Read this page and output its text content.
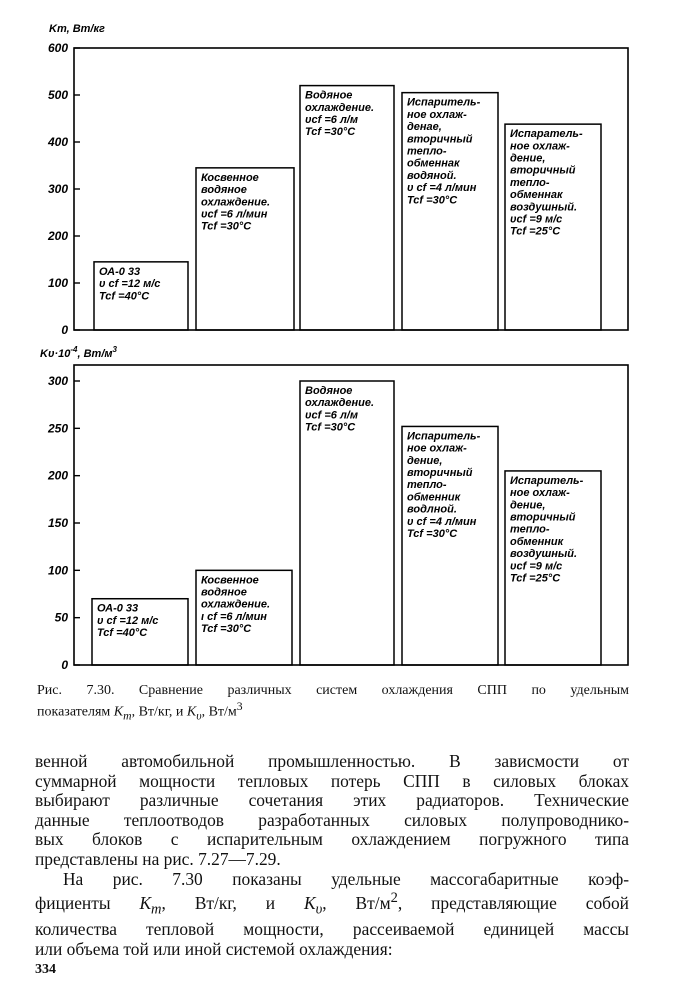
Kт, Вт/кг
600
500
400
300
200
100
0
ОА-0 33 υ cf =12 м/с Tcf =40°C
Косвенное водяное охлаждение. υcf =6 л/мин Tcf =30°C
Водяное охлаждение. υcf =6 л/м Tcf =30°C
Испаритель-ное охлаж-денае, вторичный тепло-обменнак водяной. υ cf =4 л/мин Tcf =30°C
Испаратель-ное охлаж-дение, вторичный тепло-обменнак воздушный. υcf =9 м/с Tcf =25°C
$K\upsilon\cdot 10^{-4}$, $Вт/м^3$
300
250
200
150
100
50
0
ОА-0 33 υ cf =12 м/с Tcf =40°C
Косвенное водяное охлаждение. ι cf =6 л/мин Tcf =30°C
Водяное охлаждение. υcf =6 л/м Tcf =30°C
Испаритель-ное охлаж-дение, вторичный тепло-обменник водлной. υ cf =4 л/мин Tcf =30°C
Испаритель-ное охлаж-дение, вторичный тепло-обменник воздушный. υcf =9 м/с Tcf =25°C
Рис. 7.30. Сравнение различных систем охлаждения СПП по удельным
показателям $K_m$, Вт/кг, и $K_\upsilon$, $Вт/м^3$
венной автомобильной промышленностью. В зависмости от
суммарной мощности тепловых потерь СПП в силовых блоках
выбирают различные сочетания этих радиаторов. Технические
данные теплоотводов разработанных силовых полупроводнико-
вых блоков с испарительным охлаждением погружного типа
представлены на рис. 7.27—7.29.
На рис. 7.30 показаны удельные массогабаритные коэф-
фициенты $K_m$, Вт/кг, и $K_\upsilon$, $Вт/м^2$, представляющие собой
количества тепловой мощности, рассеиваемой единицей массы
или объема той или иной системой охлаждения:
334
